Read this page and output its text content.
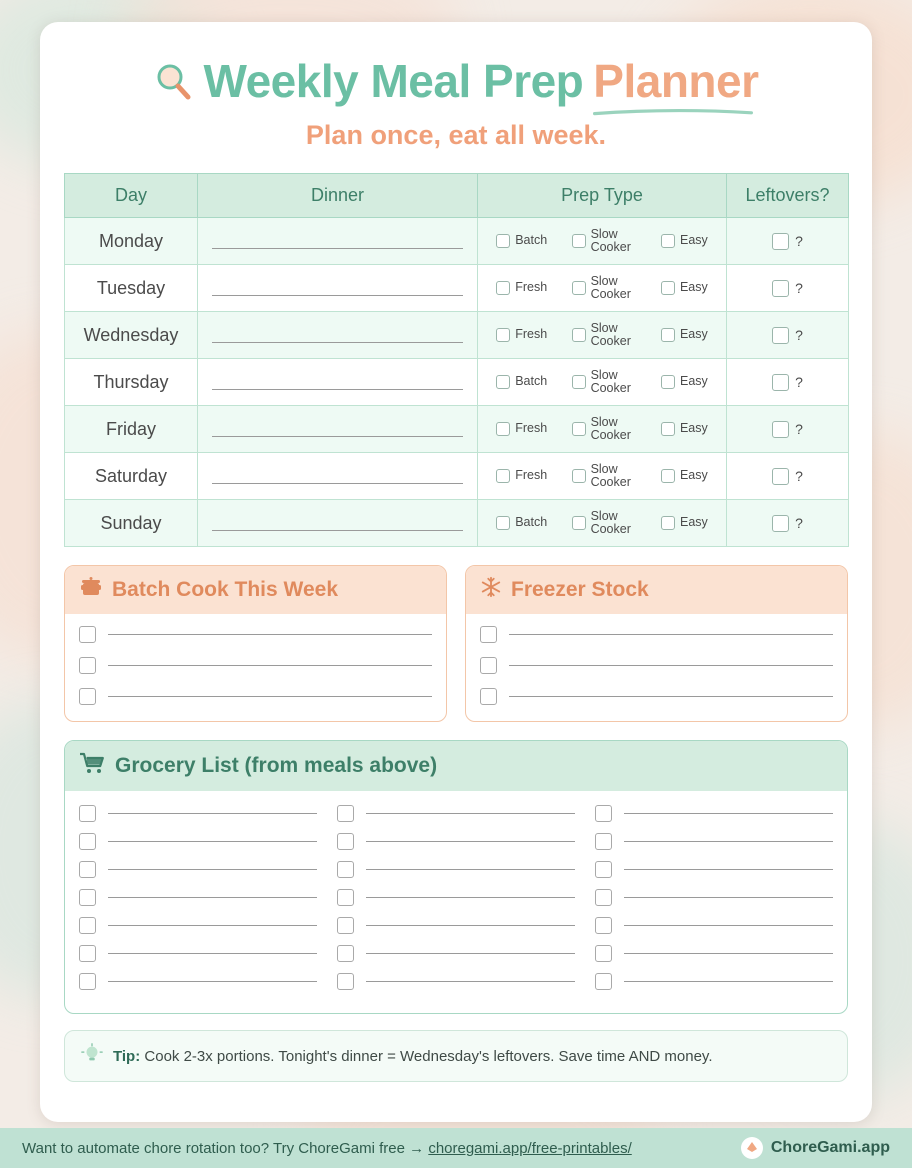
Weekly Meal Prep Planner
Plan once, eat all week.
Day	Dinner	Prep Type	Leftovers?
Monday		Batch Slow Cooker Easy	?

Tuesday		Fresh Slow Cooker Easy	?

Wednesday		Fresh Slow Cooker Easy	?

Thursday		Batch Slow Cooker Easy	?

Friday		Fresh Slow Cooker Easy	?

Saturday		Fresh Slow Cooker Easy	?

Sunday		Batch Slow Cooker Easy	?
Batch Cook This Week	Freezer Stock
Grocery List (from meals above)
Tip: Cook 2-3x portions. Tonight's dinner = Wednesday's leftovers. Save time AND money.
Want to automate chore rotation too? Try ChoreGami free → choregami.app/free-printables/	ChoreGami.app
